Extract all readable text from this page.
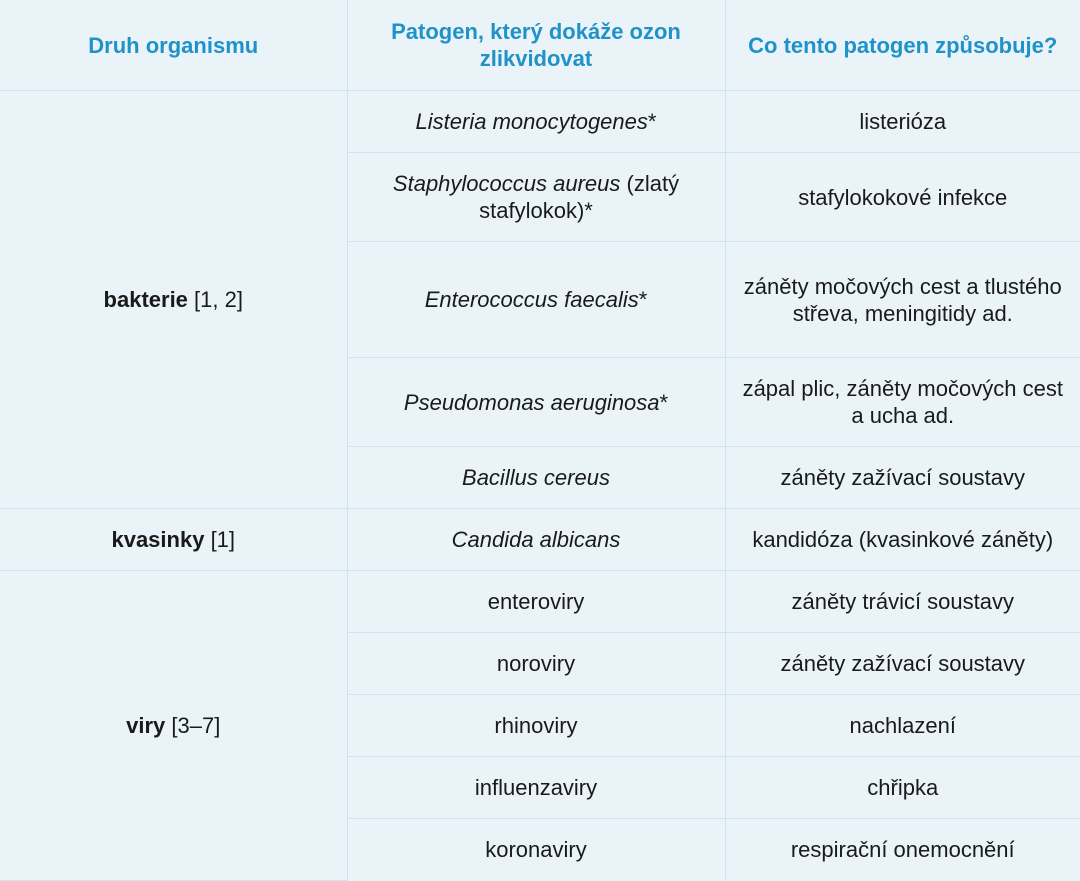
Druh organismu	Patogen, který dokáže ozon zlikvidovat	Co tento patogen způsobuje?
bakterie [1, 2]	Listeria monocytogenes*	listerióza
	Staphylococcus aureus (zlatý stafylokok)*	stafylokokové infekce
	Enterococcus faecalis*	záněty močových cest a tlustého střeva, meningitidy ad.
	Pseudomonas aeruginosa*	zápal plic, záněty močových cest a ucha ad.
	Bacillus cereus	záněty zažívací soustavy
kvasinky [1]	Candida albicans	kandidóza (kvasinkové záněty)
viry [3–7]	enteroviry	záněty trávicí soustavy
	noroviry	záněty zažívací soustavy
	rhinoviry	nachlazení
	influenzaviry	chřipka
	koronaviry	respirační onemocnění
